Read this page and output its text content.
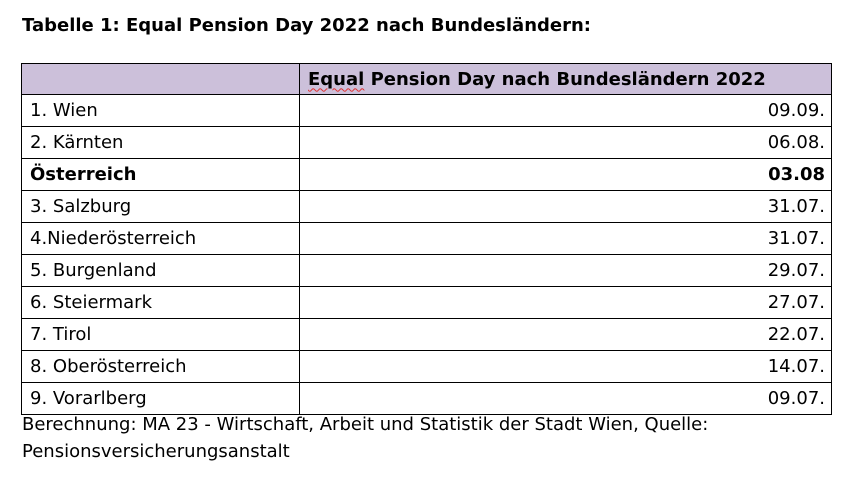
Tabelle 1: Equal Pension Day 2022 nach Bundesländern:
	Equal Pension Day nach Bundesländern 2022
1. Wien	09.09.
2. Kärnten	06.08.
Österreich	03.08
3. Salzburg	31.07.
4.Niederösterreich	31.07.
5. Burgenland	29.07.
6. Steiermark	27.07.
7. Tirol	22.07.
8. Oberösterreich	14.07.
9. Vorarlberg	09.07.
Berechnung: MA 23 - Wirtschaft, Arbeit und Statistik der Stadt Wien, Quelle:
Pensionsversicherungsanstalt
